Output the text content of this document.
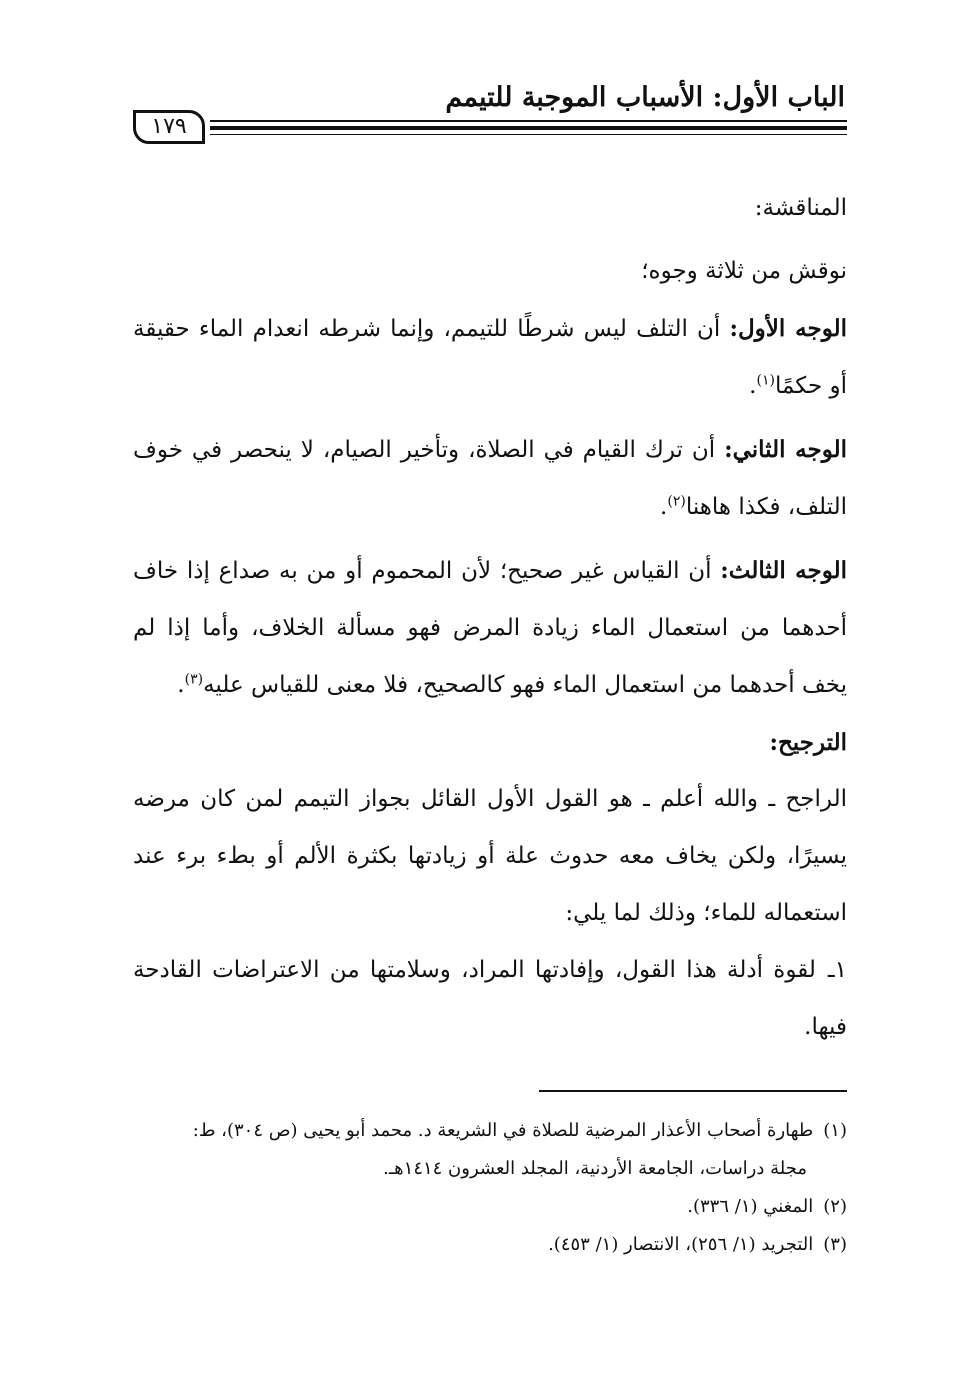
الباب الأول: الأسباب الموجبة للتيمم
١٧٩

المناقشة:

نوقش من ثلاثة وجوه؛

الوجه الأول: أن التلف ليس شرطًا للتيمم، وإنما شرطه انعدام الماء حقيقة أو حكمًا$^{(١)}$.

الوجه الثاني: أن ترك القيام في الصلاة، وتأخير الصيام، لا ينحصر في خوف التلف، فكذا هاهنا$^{(٢)}$.

الوجه الثالث: أن القياس غير صحيح؛ لأن المحموم أو من به صداع إذا خاف أحدهما من استعمال الماء زيادة المرض فهو مسألة الخلاف، وأما إذا لم يخف أحدهما من استعمال الماء فهو كالصحيح، فلا معنى للقياس عليه$^{(٣)}$.

الترجيح:

الراجح ـ والله أعلم ـ هو القول الأول القائل بجواز التيمم لمن كان مرضه يسيرًا، ولكن يخاف معه حدوث علة أو زيادتها بكثرة الألم أو بطء برء عند استعماله للماء؛ وذلك لما يلي:

١ـلقوة أدلة هذا القول، وإفادتها المراد، وسلامتها من الاعتراضات القادحة فيها.

(١)طهارة أصحاب الأعذار المرضية للصلاة في الشريعة د. محمد أبو يحيى (ص ٣٠٤)، ط:

مجلة دراسات، الجامعة الأردنية، المجلد العشرون ١٤١٤هـ.

(٢)المغني (١/ ٣٣٦).

(٣)التجريد (١/ ٢٥٦)، الانتصار (١/ ٤٥٣).
